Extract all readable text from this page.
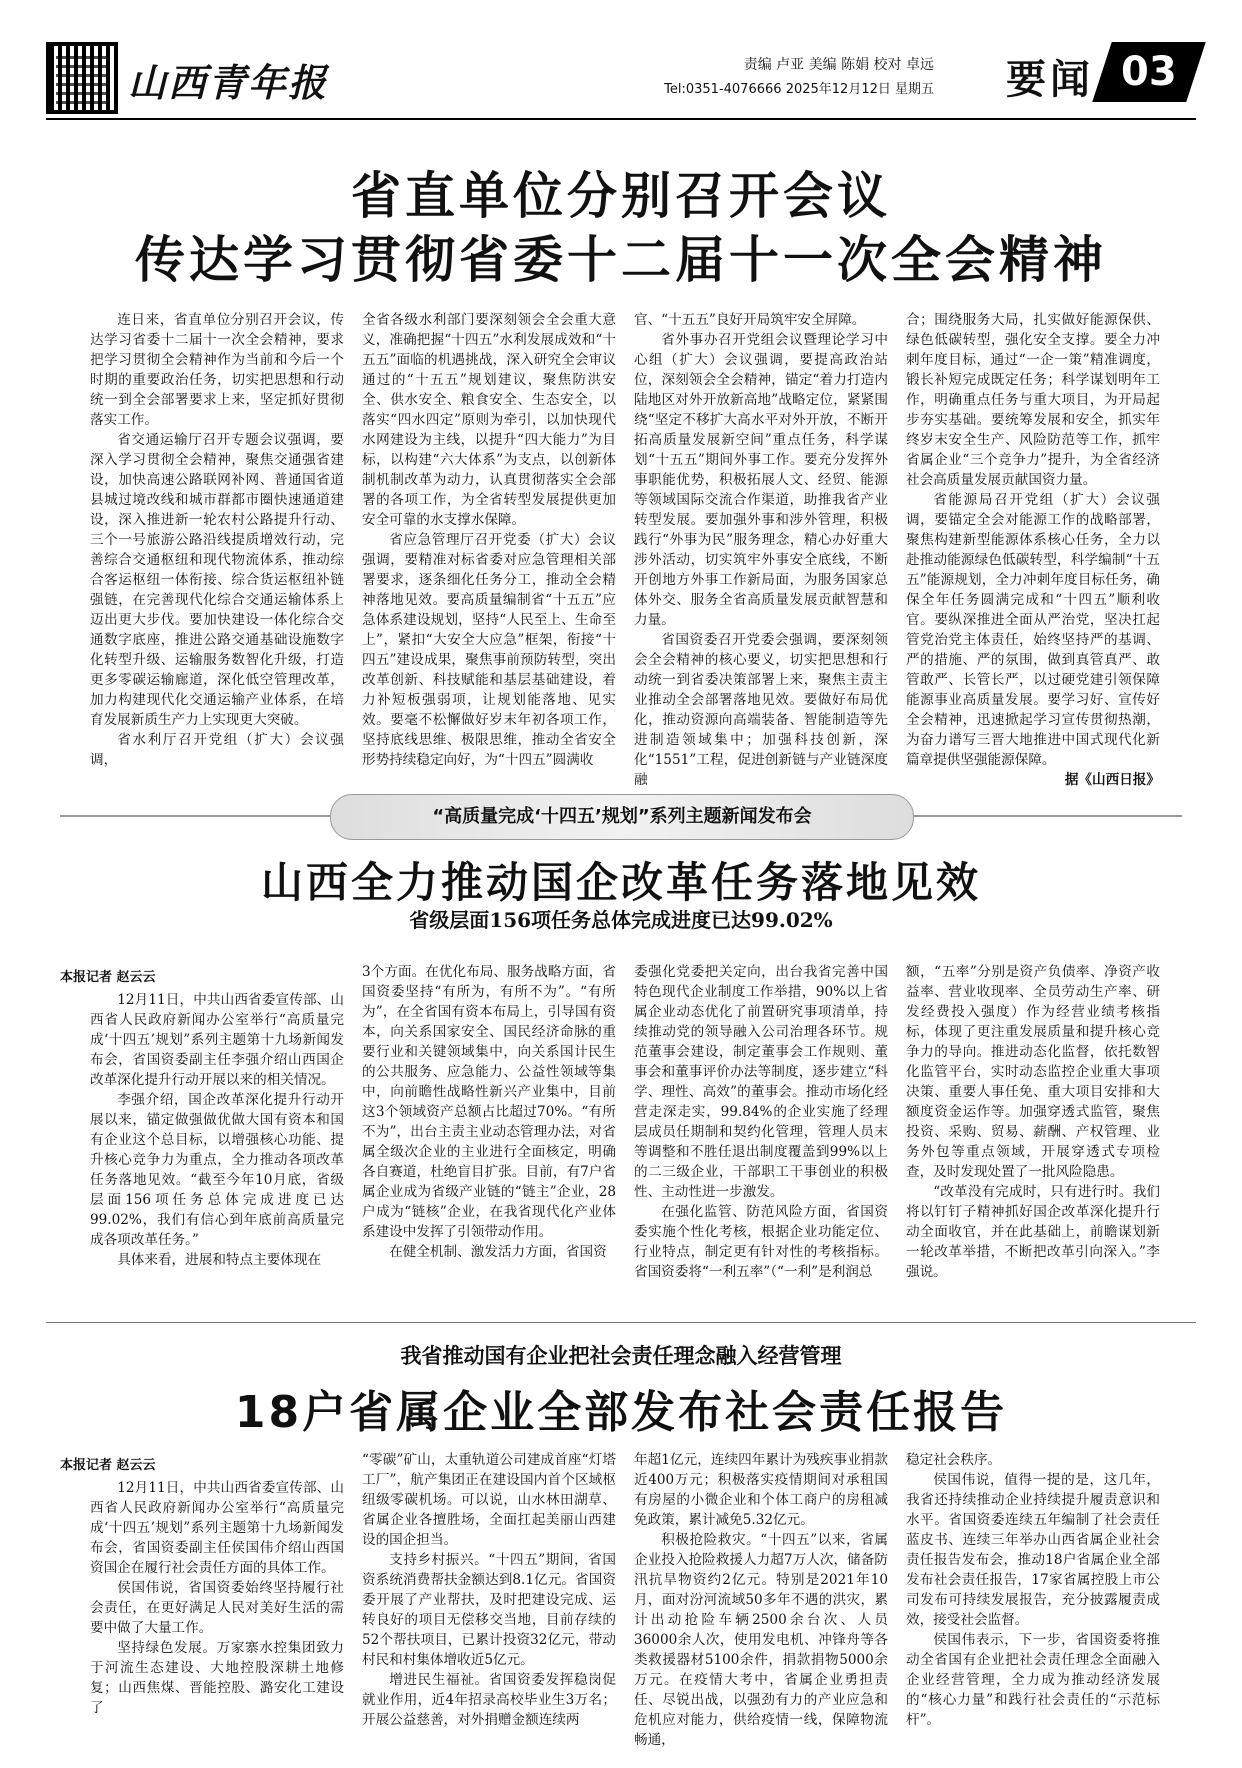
山西青年报	责编 卢亚 美编 陈娟 校对 卓远
Tel:0351-4076666 2025年12月12日 星期五 要闻 03
省直单位分别召开会议
传达学习贯彻省委十二届十一次全会精神

连日来，省直单位分别召开会议，传达学习省委十二届十一次全会精神，要求把学习贯彻全会精神作为当前和今后一个时期的重要政治任务，切实把思想和行动统一到全会部署要求上来，坚定抓好贯彻落实工作。

省交通运输厅召开专题会议强调，要深入学习贯彻全会精神，聚焦交通强省建设，加快高速公路联网补网、普通国省道县城过境改线和城市群都市圈快速通道建设，深入推进新一轮农村公路提升行动、三个一号旅游公路沿线提质增效行动，完善综合交通枢纽和现代物流体系，推动综合客运枢纽一体衔接、综合货运枢纽补链强链，在完善现代化综合交通运输体系上迈出更大步伐。要加快建设一体化综合交通数字底座，推进公路交通基础设施数字化转型升级、运输服务数智化升级，打造更多零碳运输廊道，深化低空管理改革，加力构建现代化交通运输产业体系，在培育发展新质生产力上实现更大突破。

省水利厅召开党组（扩大）会议强调，

全省各级水利部门要深刻领会全会重大意义，准确把握“十四五”水利发展成效和“十五五”面临的机遇挑战，深入研究全会审议通过的“十五五”规划建议，聚焦防洪安全、供水安全、粮食安全、生态安全，以落实“四水四定”原则为牵引，以加快现代水网建设为主线，以提升“四大能力”为目标，以构建“六大体系”为支点，以创新体制机制改革为动力，认真贯彻落实全会部署的各项工作，为全省转型发展提供更加安全可靠的水支撑水保障。

省应急管理厅召开党委（扩大）会议强调，要精准对标省委对应急管理相关部署要求，逐条细化任务分工，推动全会精神落地见效。要高质量编制省“十五五”应急体系建设规划，坚持“人民至上、生命至上”，紧扣“大安全大应急”框架，衔接“十四五”建设成果，聚焦事前预防转型，突出改革创新、科技赋能和基层基础建设，着力补短板强弱项，让规划能落地、见实效。要毫不松懈做好岁末年初各项工作，坚持底线思维、极限思维，推动全省安全形势持续稳定向好，为“十四五”圆满收

官、“十五五”良好开局筑牢安全屏障。

省外事办召开党组会议暨理论学习中心组（扩大）会议强调，要提高政治站位，深刻领会全会精神，锚定“着力打造内陆地区对外开放新高地”战略定位，紧紧围绕“坚定不移扩大高水平对外开放，不断开拓高质量发展新空间”重点任务，科学谋划“十五五”期间外事工作。要充分发挥外事职能优势，积极拓展人文、经贸、能源等领域国际交流合作渠道，助推我省产业转型发展。要加强外事和涉外管理，积极践行“外事为民”服务理念，精心办好重大涉外活动，切实筑牢外事安全底线，不断开创地方外事工作新局面，为服务国家总体外交、服务全省高质量发展贡献智慧和力量。

省国资委召开党委会强调，要深刻领会全会精神的核心要义，切实把思想和行动统一到省委决策部署上来，聚焦主责主业推动全会部署落地见效。要做好布局优化，推动资源向高端装备、智能制造等先进制造领域集中；加强科技创新，深化“1551”工程，促进创新链与产业链深度融

合；围绕服务大局，扎实做好能源保供、绿色低碳转型，强化安全支撑。要全力冲刺年度目标，通过“一企一策”精准调度，锻长补短完成既定任务；科学谋划明年工作，明确重点任务与重大项目，为开局起步夯实基础。要统筹发展和安全，抓实年终岁末安全生产、风险防范等工作，抓牢省属企业“三个竞争力”提升，为全省经济社会高质量发展贡献国资力量。

省能源局召开党组（扩大）会议强调，要锚定全会对能源工作的战略部署，聚焦构建新型能源体系核心任务，全力以赴推动能源绿色低碳转型，科学编制“十五五”能源规划，全力冲刺年度目标任务，确保全年任务圆满完成和“十四五”顺利收官。要纵深推进全面从严治党，坚决扛起管党治党主体责任，始终坚持严的基调、严的措施、严的氛围，做到真管真严、敢管敢严、长管长严，以过硬党建引领保障能源事业高质量发展。要学习好、宣传好全会精神，迅速掀起学习宣传贯彻热潮，为奋力谱写三晋大地推进中国式现代化新篇章提供坚强能源保障。

据《山西日报》

“高质量完成‘十四五’规划”系列主题新闻发布会
山西全力推动国企改革任务落地见效
省级层面156项任务总体完成进度已达99.02%
本报记者 赵云云

12月11日，中共山西省委宣传部、山西省人民政府新闻办公室举行“高质量完成‘十四五’规划”系列主题第十九场新闻发布会，省国资委副主任李强介绍山西国企改革深化提升行动开展以来的相关情况。

李强介绍，国企改革深化提升行动开展以来，锚定做强做优做大国有资本和国有企业这个总目标，以增强核心功能、提升核心竞争力为重点，全力推动各项改革任务落地见效。“截至今年10月底，省级层面156项任务总体完成进度已达99.02%，我们有信心到年底前高质量完成各项改革任务。”

具体来看，进展和特点主要体现在

3个方面。在优化布局、服务战略方面，省国资委坚持“有所为，有所不为”。“有所为”，在全省国有资本布局上，引导国有资本，向关系国家安全、国民经济命脉的重要行业和关键领域集中，向关系国计民生的公共服务、应急能力、公益性领域等集中，向前瞻性战略性新兴产业集中，目前这3个领域资产总额占比超过70%。“有所不为”，出台主责主业动态管理办法，对省属全级次企业的主业进行全面核定，明确各自赛道，杜绝盲目扩张。目前，有7户省属企业成为省级产业链的“链主”企业，28户成为“链核”企业，在我省现代化产业体系建设中发挥了引领带动作用。

在健全机制、激发活力方面，省国资

委强化党委把关定向，出台我省完善中国特色现代企业制度工作举措，90%以上省属企业动态优化了前置研究事项清单，持续推动党的领导融入公司治理各环节。规范董事会建设，制定董事会工作规则、董事会和董事评价办法等制度，逐步建立“科学、理性、高效”的董事会。推动市场化经营走深走实，99.84%的企业实施了经理层成员任期制和契约化管理，管理人员末等调整和不胜任退出制度覆盖到99%以上的二三级企业，干部职工干事创业的积极性、主动性进一步激发。

在强化监管、防范风险方面，省国资委实施个性化考核，根据企业功能定位、行业特点，制定更有针对性的考核指标。省国资委将“一利五率”（“一利”是利润总

额，“五率”分别是资产负债率、净资产收益率、营业收现率、全员劳动生产率、研发经费投入强度）作为经营业绩考核指标，体现了更注重发展质量和提升核心竞争力的导向。推进动态化监督，依托数智化监管平台，实时动态监控企业重大事项决策、重要人事任免、重大项目安排和大额度资金运作等。加强穿透式监管，聚焦投资、采购、贸易、薪酬、产权管理、业务外包等重点领域，开展穿透式专项检查，及时发现处置了一批风险隐患。

“改革没有完成时，只有进行时。我们将以钉钉子精神抓好国企改革深化提升行动全面收官，并在此基础上，前瞻谋划新一轮改革举措，不断把改革引向深入。”李强说。

我省推动国有企业把社会责任理念融入经营管理
18户省属企业全部发布社会责任报告
本报记者 赵云云

12月11日，中共山西省委宣传部、山西省人民政府新闻办公室举行“高质量完成‘十四五’规划”系列主题第十九场新闻发布会，省国资委副主任侯国伟介绍山西国资国企在履行社会责任方面的具体工作。

侯国伟说，省国资委始终坚持履行社会责任，在更好满足人民对美好生活的需要中做了大量工作。

坚持绿色发展。万家寨水控集团致力于河流生态建设、大地控股深耕土地修复；山西焦煤、晋能控股、潞安化工建设了

“零碳”矿山，太重轨道公司建成首座“灯塔工厂”，航产集团正在建设国内首个区域枢纽级零碳机场。可以说，山水林田湖草、省属企业各擅胜场，全面扛起美丽山西建设的国企担当。

支持乡村振兴。“十四五”期间，省国资系统消费帮扶金额达到8.1亿元。省国资委开展了产业帮扶，及时把建设完成、运转良好的项目无偿移交当地，目前存续的52个帮扶项目，已累计投资32亿元，带动村民和村集体增收近5亿元。

增进民生福祉。省国资委发挥稳岗促就业作用，近4年招录高校毕业生3万名；开展公益慈善，对外捐赠金额连续两

年超1亿元，连续四年累计为残疾事业捐款近400万元；积极落实疫情期间对承租国有房屋的小微企业和个体工商户的房租减免政策，累计减免5.32亿元。

积极抢险救灾。“十四五”以来，省属企业投入抢险救援人力超7万人次，储备防汛抗旱物资约2亿元。特别是2021年10月，面对汾河流域50多年不遇的洪灾，累计出动抢险车辆2500余台次、人员36000余人次，使用发电机、冲锋舟等各类救援器材5100余件，捐款捐物5000余万元。在疫情大考中，省属企业勇担责任、尽锐出战，以强劲有力的产业应急和危机应对能力，供给疫情一线，保障物流畅通，

稳定社会秩序。

侯国伟说，值得一提的是，这几年，我省还持续推动企业持续提升履责意识和水平。省国资委连续五年编制了社会责任蓝皮书、连续三年举办山西省属企业社会责任报告发布会，推动18户省属企业全部发布社会责任报告，17家省属控股上市公司发布可持续发展报告，充分披露履责成效，接受社会监督。

侯国伟表示，下一步，省国资委将推动全省国有企业把社会责任理念全面融入企业经营管理，全力成为推动经济发展的“核心力量”和践行社会责任的“示范标杆”。
